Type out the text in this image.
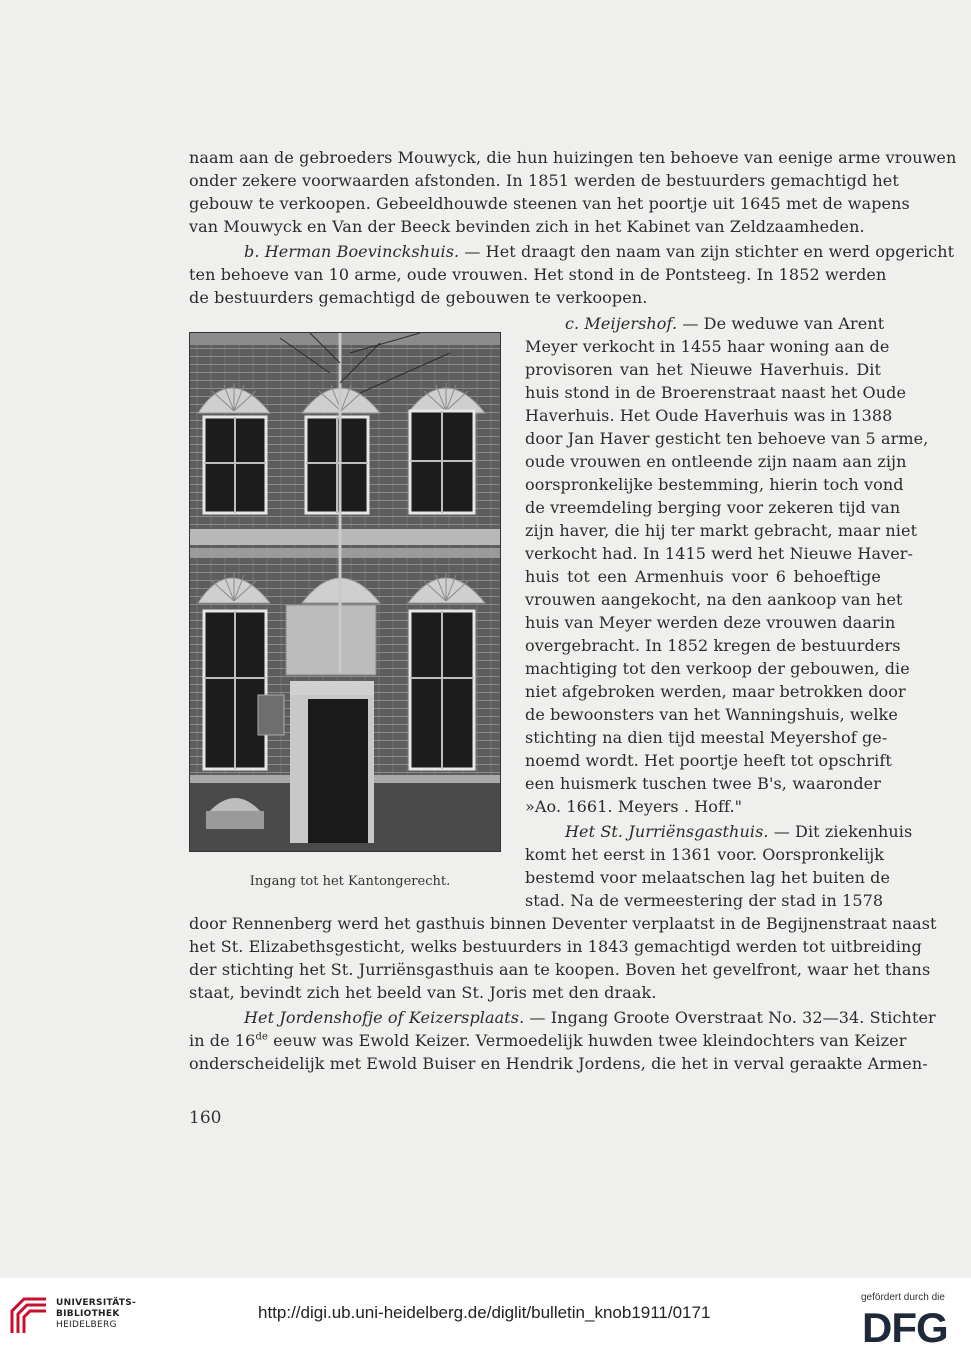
naam aan de gebroeders Mouwyck, die hun huizingen ten behoeve van eenige arme vrouwen
onder zekere voorwaarden afstonden. In 1851 werden de bestuurders gemachtigd het
gebouw te verkoopen. Gebeeldhouwde steenen van het poortje uit 1645 met de wapens
van Mouwyck en Van der Beeck bevinden zich in het Kabinet van Zeldzaamheden.
b. Herman Boevinckshuis. — Het draagt den naam van zijn stichter en werd opgericht
ten behoeve van 10 arme, oude vrouwen. Het stond in de Pontsteeg. In 1852 werden
de bestuurders gemachtigd de gebouwen te verkoopen.
c. Meijershof. — De weduwe van Arent
Meyer verkocht in 1455 haar woning aan de
provisoren van het Nieuwe Haverhuis. Dit
huis stond in de Broerenstraat naast het Oude
Haverhuis. Het Oude Haverhuis was in 1388
door Jan Haver gesticht ten behoeve van 5 arme,
oude vrouwen en ontleende zijn naam aan zijn
oorspronkelijke bestemming, hierin toch vond
de vreemdeling berging voor zekeren tijd van
zijn haver, die hij ter markt gebracht, maar niet
verkocht had. In 1415 werd het Nieuwe Haver-
huis tot een Armenhuis voor 6 behoeftige
vrouwen aangekocht, na den aankoop van het
huis van Meyer werden deze vrouwen daarin
overgebracht. In 1852 kregen de bestuurders
machtiging tot den verkoop der gebouwen, die
niet afgebroken werden, maar betrokken door
de bewoonsters van het Wanningshuis, welke
stichting na dien tijd meestal Meyershof ge-
noemd wordt. Het poortje heeft tot opschrift
een huismerk tuschen twee B's, waaronder
»Ao. 1661. Meyers . Hoff."
Het St. Jurriënsgasthuis. — Dit ziekenhuis
komt het eerst in 1361 voor. Oorspronkelijk
bestemd voor melaatschen lag het buiten de
stad. Na de vermeestering der stad in 1578
Ingang tot het Kantongerecht.
door Rennenberg werd het gasthuis binnen Deventer verplaatst in de Begijnenstraat naast
het St. Elizabethsgesticht, welks bestuurders in 1843 gemachtigd werden tot uitbreiding
der stichting het St. Jurriënsgasthuis aan te koopen. Boven het gevelfront, waar het thans
staat, bevindt zich het beeld van St. Joris met den draak.
Het Jordenshofje of Keizersplaats. — Ingang Groote Overstraat No. 32—34. Stichter
in de 16de eeuw was Ewold Keizer. Vermoedelijk huwden twee kleindochters van Keizer
onderscheidelijk met Ewold Buiser en Hendrik Jordens, die het in verval geraakte Armen-
160
UNIVERSITÄTS-
BIBLIOTHEK
HEIDELBERG
http://digi.ub.uni-heidelberg.de/diglit/bulletin_knob1911/0171
gefördert durch die
DFG
